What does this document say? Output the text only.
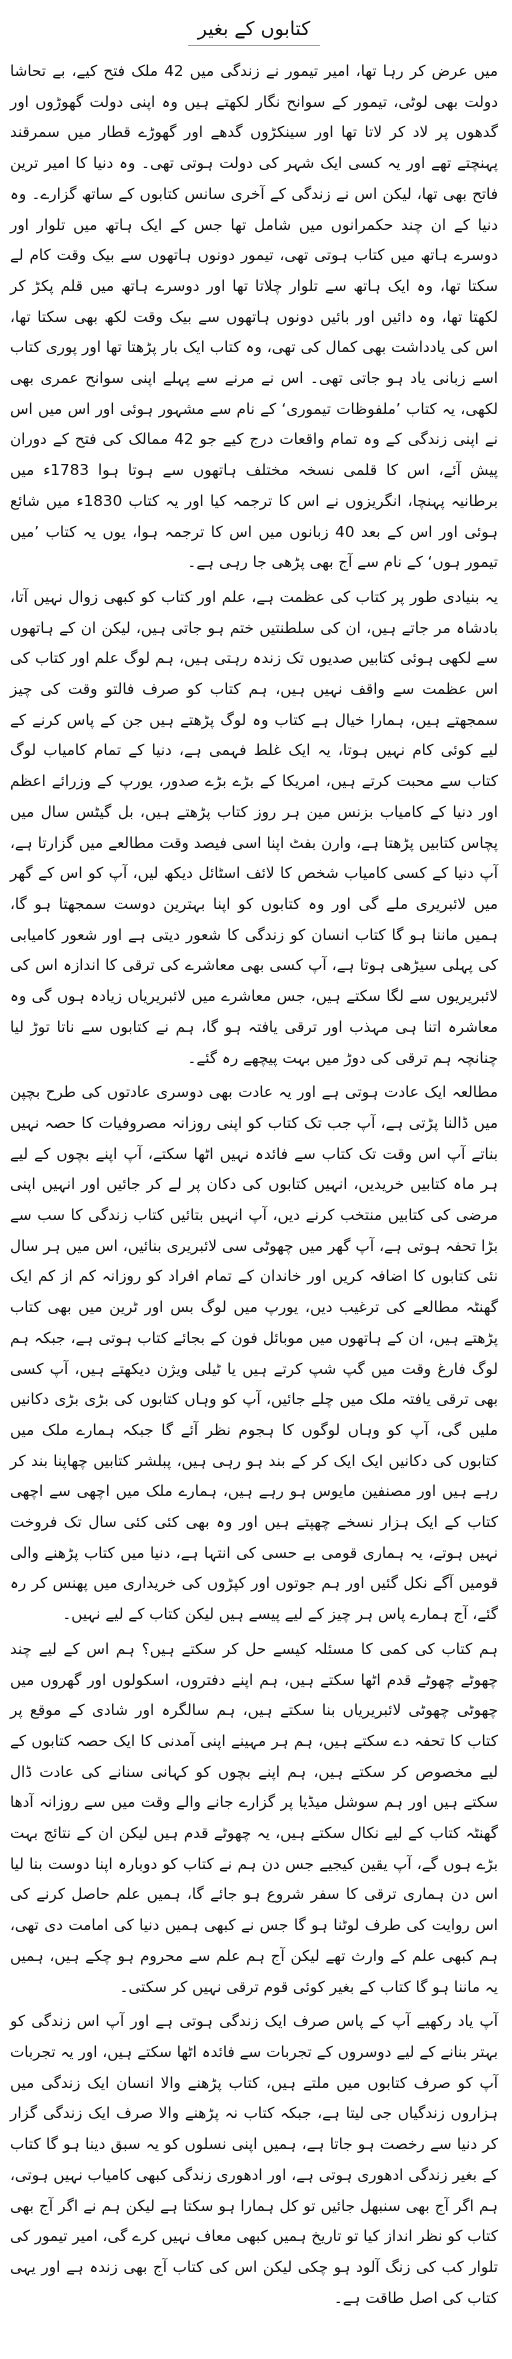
کتابوں کے بغیر

میں عرض کر رہا تھا، امیر تیمور نے زندگی میں 42 ملک فتح کیے، بے تحاشا دولت بھی لوٹی، تیمور کے سوانح نگار لکھتے ہیں وہ اپنی دولت گھوڑوں اور گدھوں پر لاد کر لاتا تھا اور سینکڑوں گدھے اور گھوڑے قطار میں سمرقند پہنچتے تھے اور یہ کسی ایک شہر کی دولت ہوتی تھی۔ وہ دنیا کا امیر ترین فاتح بھی تھا، لیکن اس نے زندگی کے آخری سانس کتابوں کے ساتھ گزارے۔ وہ دنیا کے ان چند حکمرانوں میں شامل تھا جس کے ایک ہاتھ میں تلوار اور دوسرے ہاتھ میں کتاب ہوتی تھی، تیمور دونوں ہاتھوں سے بیک وقت کام لے سکتا تھا، وہ ایک ہاتھ سے تلوار چلاتا تھا اور دوسرے ہاتھ میں قلم پکڑ کر لکھتا تھا، وہ دائیں اور بائیں دونوں ہاتھوں سے بیک وقت لکھ بھی سکتا تھا، اس کی یادداشت بھی کمال کی تھی، وہ کتاب ایک بار پڑھتا تھا اور پوری کتاب اسے زبانی یاد ہو جاتی تھی۔ اس نے مرنے سے پہلے اپنی سوانح عمری بھی لکھی، یہ کتاب ’ملفوظات تیموری‘ کے نام سے مشہور ہوئی اور اس میں اس نے اپنی زندگی کے وہ تمام واقعات درج کیے جو 42 ممالک کی فتح کے دوران پیش آئے، اس کا قلمی نسخہ مختلف ہاتھوں سے ہوتا ہوا 1783ء میں برطانیہ پہنچا، انگریزوں نے اس کا ترجمہ کیا اور یہ کتاب 1830ء میں شائع ہوئی اور اس کے بعد 40 زبانوں میں اس کا ترجمہ ہوا، یوں یہ کتاب ’میں تیمور ہوں‘ کے نام سے آج بھی پڑھی جا رہی ہے۔

یہ بنیادی طور پر کتاب کی عظمت ہے، علم اور کتاب کو کبھی زوال نہیں آتا، بادشاہ مر جاتے ہیں، ان کی سلطنتیں ختم ہو جاتی ہیں، لیکن ان کے ہاتھوں سے لکھی ہوئی کتابیں صدیوں تک زندہ رہتی ہیں، ہم لوگ علم اور کتاب کی اس عظمت سے واقف نہیں ہیں، ہم کتاب کو صرف فالتو وقت کی چیز سمجھتے ہیں، ہمارا خیال ہے کتاب وہ لوگ پڑھتے ہیں جن کے پاس کرنے کے لیے کوئی کام نہیں ہوتا، یہ ایک غلط فہمی ہے، دنیا کے تمام کامیاب لوگ کتاب سے محبت کرتے ہیں، امریکا کے بڑے بڑے صدور، یورپ کے وزرائے اعظم اور دنیا کے کامیاب بزنس مین ہر روز کتاب پڑھتے ہیں، بل گیٹس سال میں پچاس کتابیں پڑھتا ہے، وارن بفٹ اپنا اسی فیصد وقت مطالعے میں گزارتا ہے، آپ دنیا کے کسی کامیاب شخص کا لائف اسٹائل دیکھ لیں، آپ کو اس کے گھر میں لائبریری ملے گی اور وہ کتابوں کو اپنا بہترین دوست سمجھتا ہو گا، ہمیں ماننا ہو گا کتاب انسان کو زندگی کا شعور دیتی ہے اور شعور کامیابی کی پہلی سیڑھی ہوتا ہے، آپ کسی بھی معاشرے کی ترقی کا اندازہ اس کی لائبریریوں سے لگا سکتے ہیں، جس معاشرے میں لائبریریاں زیادہ ہوں گی وہ معاشرہ اتنا ہی مہذب اور ترقی یافتہ ہو گا، ہم نے کتابوں سے ناتا توڑ لیا چنانچہ ہم ترقی کی دوڑ میں بہت پیچھے رہ گئے۔

مطالعہ ایک عادت ہوتی ہے اور یہ عادت بھی دوسری عادتوں کی طرح بچپن میں ڈالنا پڑتی ہے، آپ جب تک کتاب کو اپنی روزانہ مصروفیات کا حصہ نہیں بناتے آپ اس وقت تک کتاب سے فائدہ نہیں اٹھا سکتے، آپ اپنے بچوں کے لیے ہر ماہ کتابیں خریدیں، انہیں کتابوں کی دکان پر لے کر جائیں اور انہیں اپنی مرضی کی کتابیں منتخب کرنے دیں، آپ انہیں بتائیں کتاب زندگی کا سب سے بڑا تحفہ ہوتی ہے، آپ گھر میں چھوٹی سی لائبریری بنائیں، اس میں ہر سال نئی کتابوں کا اضافہ کریں اور خاندان کے تمام افراد کو روزانہ کم از کم ایک گھنٹہ مطالعے کی ترغیب دیں، یورپ میں لوگ بس اور ٹرین میں بھی کتاب پڑھتے ہیں، ان کے ہاتھوں میں موبائل فون کے بجائے کتاب ہوتی ہے، جبکہ ہم لوگ فارغ وقت میں گپ شپ کرتے ہیں یا ٹیلی ویژن دیکھتے ہیں، آپ کسی بھی ترقی یافتہ ملک میں چلے جائیں، آپ کو وہاں کتابوں کی بڑی بڑی دکانیں ملیں گی، آپ کو وہاں لوگوں کا ہجوم نظر آئے گا جبکہ ہمارے ملک میں کتابوں کی دکانیں ایک ایک کر کے بند ہو رہی ہیں، پبلشر کتابیں چھاپنا بند کر رہے ہیں اور مصنفین مایوس ہو رہے ہیں، ہمارے ملک میں اچھی سے اچھی کتاب کے ایک ہزار نسخے چھپتے ہیں اور وہ بھی کئی کئی سال تک فروخت نہیں ہوتے، یہ ہماری قومی بے حسی کی انتہا ہے، دنیا میں کتاب پڑھنے والی قومیں آگے نکل گئیں اور ہم جوتوں اور کپڑوں کی خریداری میں پھنس کر رہ گئے، آج ہمارے پاس ہر چیز کے لیے پیسے ہیں لیکن کتاب کے لیے نہیں۔

ہم کتاب کی کمی کا مسئلہ کیسے حل کر سکتے ہیں؟ ہم اس کے لیے چند چھوٹے چھوٹے قدم اٹھا سکتے ہیں، ہم اپنے دفتروں، اسکولوں اور گھروں میں چھوٹی چھوٹی لائبریریاں بنا سکتے ہیں، ہم سالگرہ اور شادی کے موقع پر کتاب کا تحفہ دے سکتے ہیں، ہم ہر مہینے اپنی آمدنی کا ایک حصہ کتابوں کے لیے مخصوص کر سکتے ہیں، ہم اپنے بچوں کو کہانی سنانے کی عادت ڈال سکتے ہیں اور ہم سوشل میڈیا پر گزارے جانے والے وقت میں سے روزانہ آدھا گھنٹہ کتاب کے لیے نکال سکتے ہیں، یہ چھوٹے قدم ہیں لیکن ان کے نتائج بہت بڑے ہوں گے، آپ یقین کیجیے جس دن ہم نے کتاب کو دوبارہ اپنا دوست بنا لیا اس دن ہماری ترقی کا سفر شروع ہو جائے گا، ہمیں علم حاصل کرنے کی اس روایت کی طرف لوٹنا ہو گا جس نے کبھی ہمیں دنیا کی امامت دی تھی، ہم کبھی علم کے وارث تھے لیکن آج ہم علم سے محروم ہو چکے ہیں، ہمیں یہ ماننا ہو گا کتاب کے بغیر کوئی قوم ترقی نہیں کر سکتی۔

آپ یاد رکھیے آپ کے پاس صرف ایک زندگی ہوتی ہے اور آپ اس زندگی کو بہتر بنانے کے لیے دوسروں کے تجربات سے فائدہ اٹھا سکتے ہیں، اور یہ تجربات آپ کو صرف کتابوں میں ملتے ہیں، کتاب پڑھنے والا انسان ایک زندگی میں ہزاروں زندگیاں جی لیتا ہے، جبکہ کتاب نہ پڑھنے والا صرف ایک زندگی گزار کر دنیا سے رخصت ہو جاتا ہے، ہمیں اپنی نسلوں کو یہ سبق دینا ہو گا کتاب کے بغیر زندگی ادھوری ہوتی ہے، اور ادھوری زندگی کبھی کامیاب نہیں ہوتی، ہم اگر آج بھی سنبھل جائیں تو کل ہمارا ہو سکتا ہے لیکن ہم نے اگر آج بھی کتاب کو نظر انداز کیا تو تاریخ ہمیں کبھی معاف نہیں کرے گی، امیر تیمور کی تلوار کب کی زنگ آلود ہو چکی لیکن اس کی کتاب آج بھی زندہ ہے اور یہی کتاب کی اصل طاقت ہے۔
